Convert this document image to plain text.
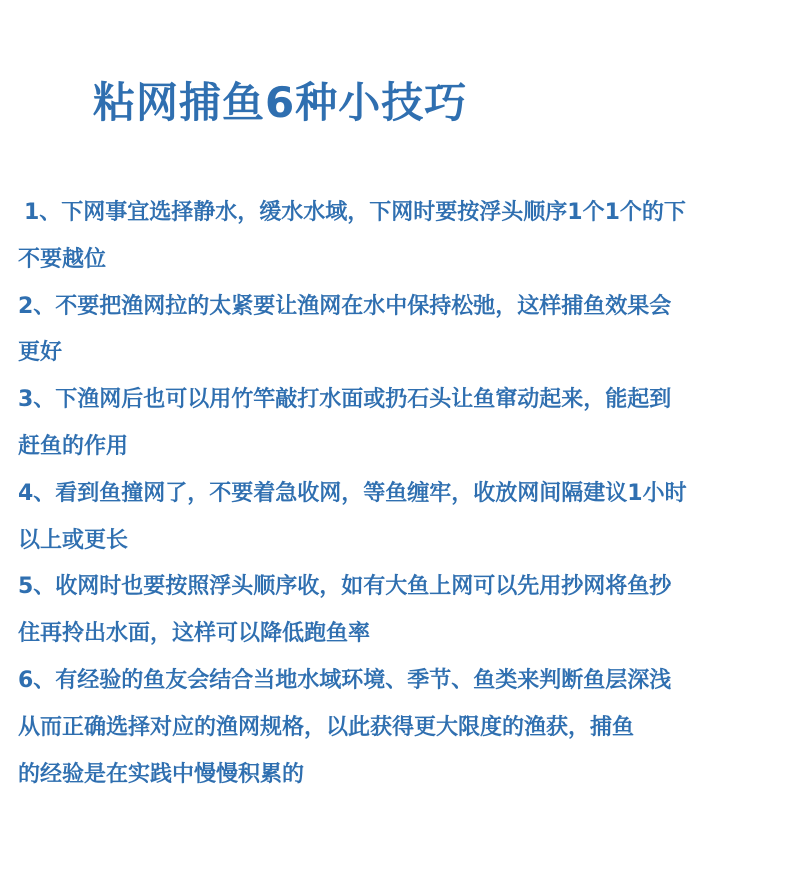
粘网捕鱼6种小技巧
1、下网事宜选择静水，缓水水域，下网时要按浮头顺序1个1个的下
不要越位
2、不要把渔网拉的太紧要让渔网在水中保持松弛，这样捕鱼效果会
更好
3、下渔网后也可以用竹竿敲打水面或扔石头让鱼窜动起来，能起到
赶鱼的作用
4、看到鱼撞网了，不要着急收网，等鱼缠牢，收放网间隔建议1小时
以上或更长
5、收网时也要按照浮头顺序收，如有大鱼上网可以先用抄网将鱼抄
住再拎出水面，这样可以降低跑鱼率
6、有经验的鱼友会结合当地水域环境、季节、鱼类来判断鱼层深浅
从而正确选择对应的渔网规格，以此获得更大限度的渔获，捕鱼
的经验是在实践中慢慢积累的
